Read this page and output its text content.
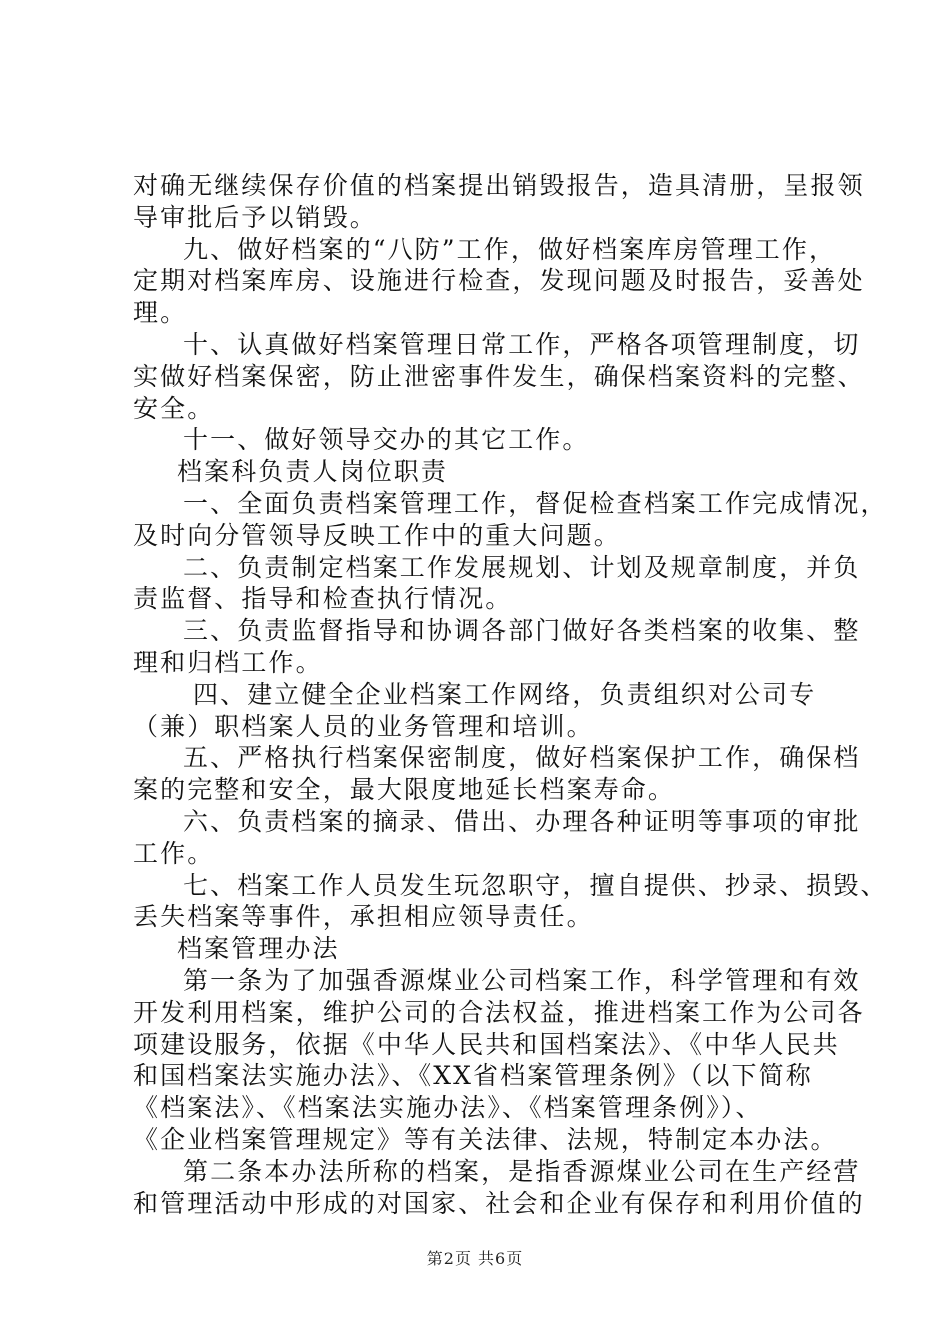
对确无继续保存价值的档案提出销毁报告，造具清册，呈报领
导审批后予以销毁。
九、做好档案的“八防”工作，做好档案库房管理工作，
定期对档案库房、设施进行检查，发现问题及时报告，妥善处
理。
十、认真做好档案管理日常工作，严格各项管理制度，切
实做好档案保密，防止泄密事件发生，确保档案资料的完整、
安全。
十一、做好领导交办的其它工作。
档案科负责人岗位职责
一、全面负责档案管理工作，督促检查档案工作完成情况，
及时向分管领导反映工作中的重大问题。
二、负责制定档案工作发展规划、计划及规章制度，并负
责监督、指导和检查执行情况。
三、负责监督指导和协调各部门做好各类档案的收集、整
理和归档工作。
四、建立健全企业档案工作网络，负责组织对公司专
（兼）职档案人员的业务管理和培训。
五、严格执行档案保密制度，做好档案保护工作，确保档
案的完整和安全，最大限度地延长档案寿命。
六、负责档案的摘录、借出、办理各种证明等事项的审批
工作。
七、档案工作人员发生玩忽职守，擅自提供、抄录、损毁、
丢失档案等事件，承担相应领导责任。
档案管理办法
第一条为了加强香源煤业公司档案工作，科学管理和有效
开发利用档案，维护公司的合法权益，推进档案工作为公司各
项建设服务，依据《中华人民共和国档案法》、《中华人民共
和国档案法实施办法》、《XX省档案管理条例》（以下简称
《档案法》、《档案法实施办法》、《档案管理条例》）、
《企业档案管理规定》等有关法律、法规，特制定本办法。
第二条本办法所称的档案，是指香源煤业公司在生产经营
和管理活动中形成的对国家、社会和企业有保存和利用价值的
第2页 共6页
